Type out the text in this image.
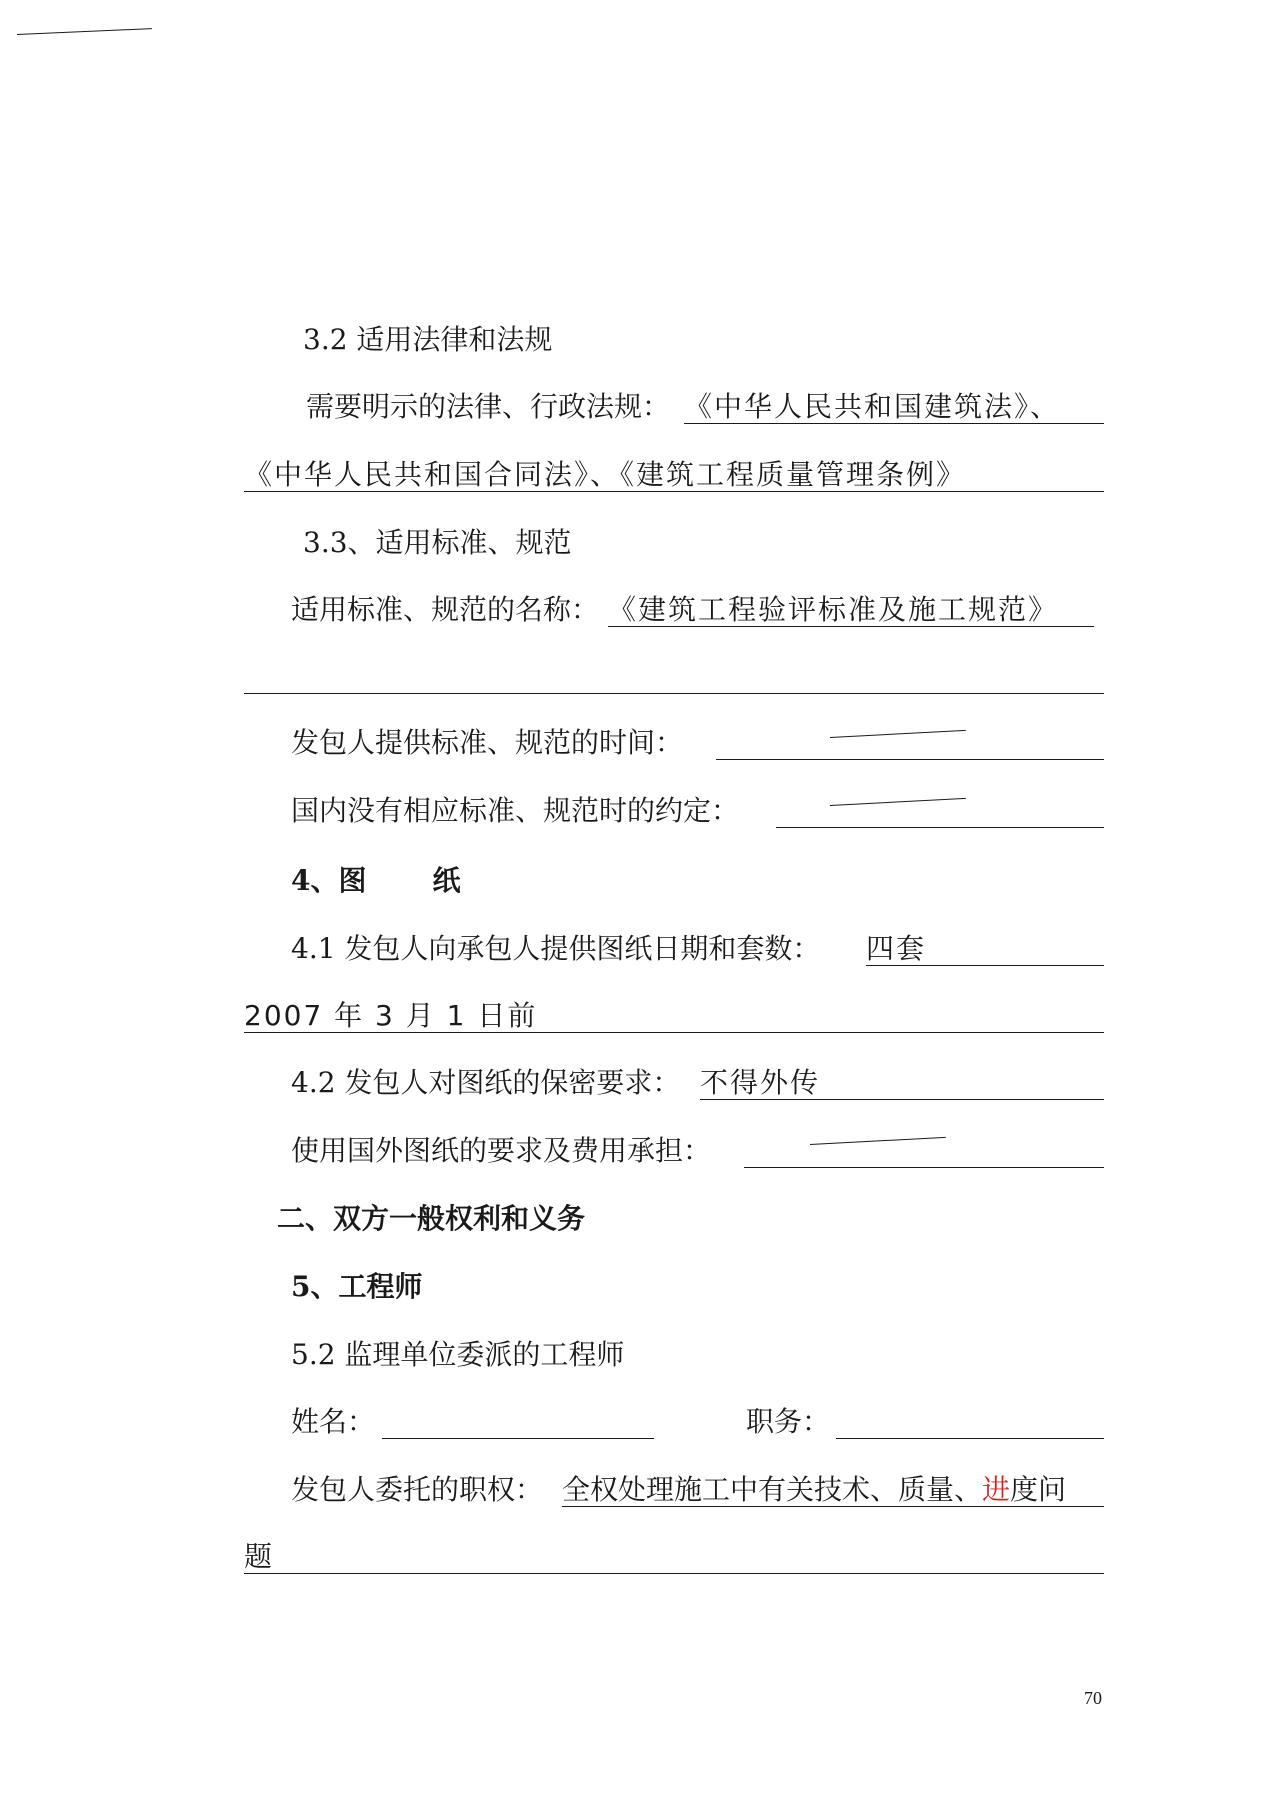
3.2 适用法律和法规
需要明示的法律、行政法规： 《中华人民共和国建筑法》、
《中华人民共和国合同法》、《建筑工程质量管理条例》
3.3、适用标准、规范
适用标准、规范的名称： 《建筑工程验评标准及施工规范》
发包人提供标准、规范的时间：
国内没有相应标准、规范时的约定：
4、图 纸
4.1 发包人向承包人提供图纸日期和套数： 四套
2007 年 3 月 1 日前
4.2 发包人对图纸的保密要求： 不得外传
使用国外图纸的要求及费用承担：
二、双方一般权利和义务
5、工程师
5.2 监理单位委派的工程师
姓名：	职务：
发包人委托的职权： 全权处理施工中有关技术、质量、进度问
题
70
